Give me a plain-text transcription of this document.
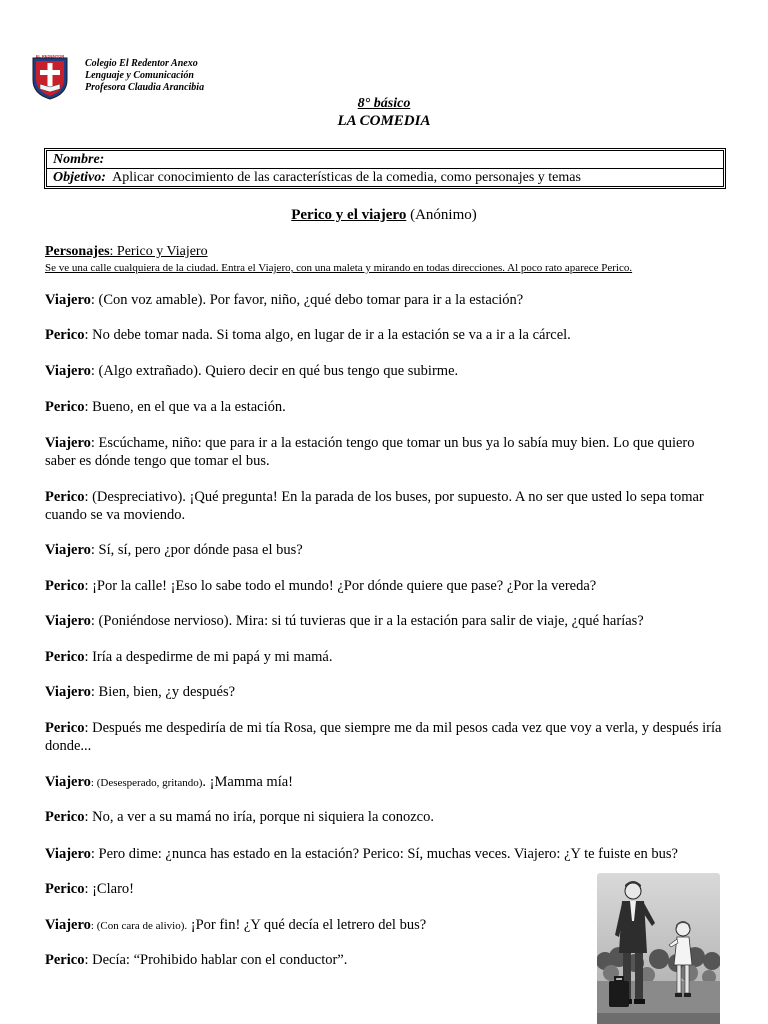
EL REDENTOR
Colegio El Redentor Anexo
Lenguaje y Comunicación
Profesora Claudia Arancibia
8° básico
LA COMEDIA
Nombre:
Objetivo: Aplicar conocimiento de las características de la comedia, como personajes y temas
Perico y el viajero (Anónimo)
Personajes: Perico y Viajero
Se ve una calle cualquiera de la ciudad. Entra el Viajero, con una maleta y mirando en todas direcciones. Al poco rato aparece Perico.
Viajero: (Con voz amable). Por favor, niño, ¿qué debo tomar para ir a la estación?
Perico: No debe tomar nada. Si toma algo, en lugar de ir a la estación se va a ir a la cárcel.
Viajero: (Algo extrañado). Quiero decir en qué bus tengo que subirme.
Perico: Bueno, en el que va a la estación.
Viajero: Escúchame, niño: que para ir a la estación tengo que tomar un bus ya lo sabía muy bien. Lo que quiero saber es dónde tengo que tomar el bus.
Perico: (Despreciativo). ¡Qué pregunta! En la parada de los buses, por supuesto. A no ser que usted lo sepa tomar cuando se va moviendo.
Viajero: Sí, sí, pero ¿por dónde pasa el bus?
Perico: ¡Por la calle! ¡Eso lo sabe todo el mundo! ¿Por dónde quiere que pase? ¿Por la vereda?
Viajero: (Poniéndose nervioso). Mira: si tú tuvieras que ir a la estación para salir de viaje, ¿qué harías?
Perico: Iría a despedirme de mi papá y mi mamá.
Viajero: Bien, bien, ¿y después?
Perico: Después me despediría de mi tía Rosa, que siempre me da mil pesos cada vez que voy a verla, y después iría donde...
Viajero: (Desesperado, gritando). ¡Mamma mía!
Perico: No, a ver a su mamá no iría, porque ni siquiera la conozco.
Viajero: Pero dime: ¿nunca has estado en la estación? Perico: Sí, muchas veces. Viajero: ¿Y te fuiste en bus?
Perico: ¡Claro!
Viajero: (Con cara de alivio). ¡Por fin! ¿Y qué decía el letrero del bus?
Perico: Decía: “Prohibido hablar con el conductor”.
